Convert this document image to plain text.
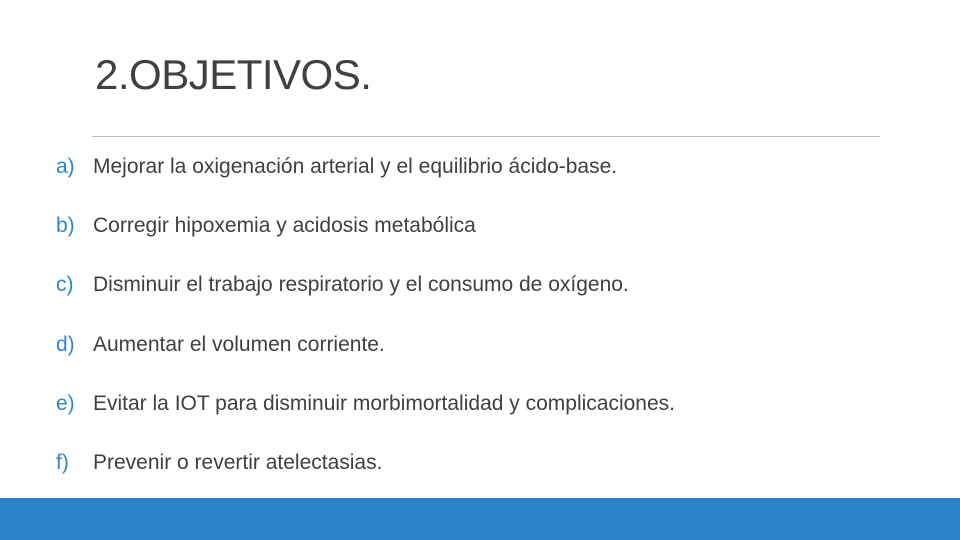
2.OBJETIVOS.
a) Mejorar la oxigenación arterial y el equilibrio ácido-base.
b) Corregir hipoxemia y acidosis metabólica
c) Disminuir el trabajo respiratorio y el consumo de oxígeno.
d) Aumentar el volumen corriente.
e) Evitar la IOT para disminuir morbimortalidad y complicaciones.
f)	Prevenir o revertir atelectasias.
